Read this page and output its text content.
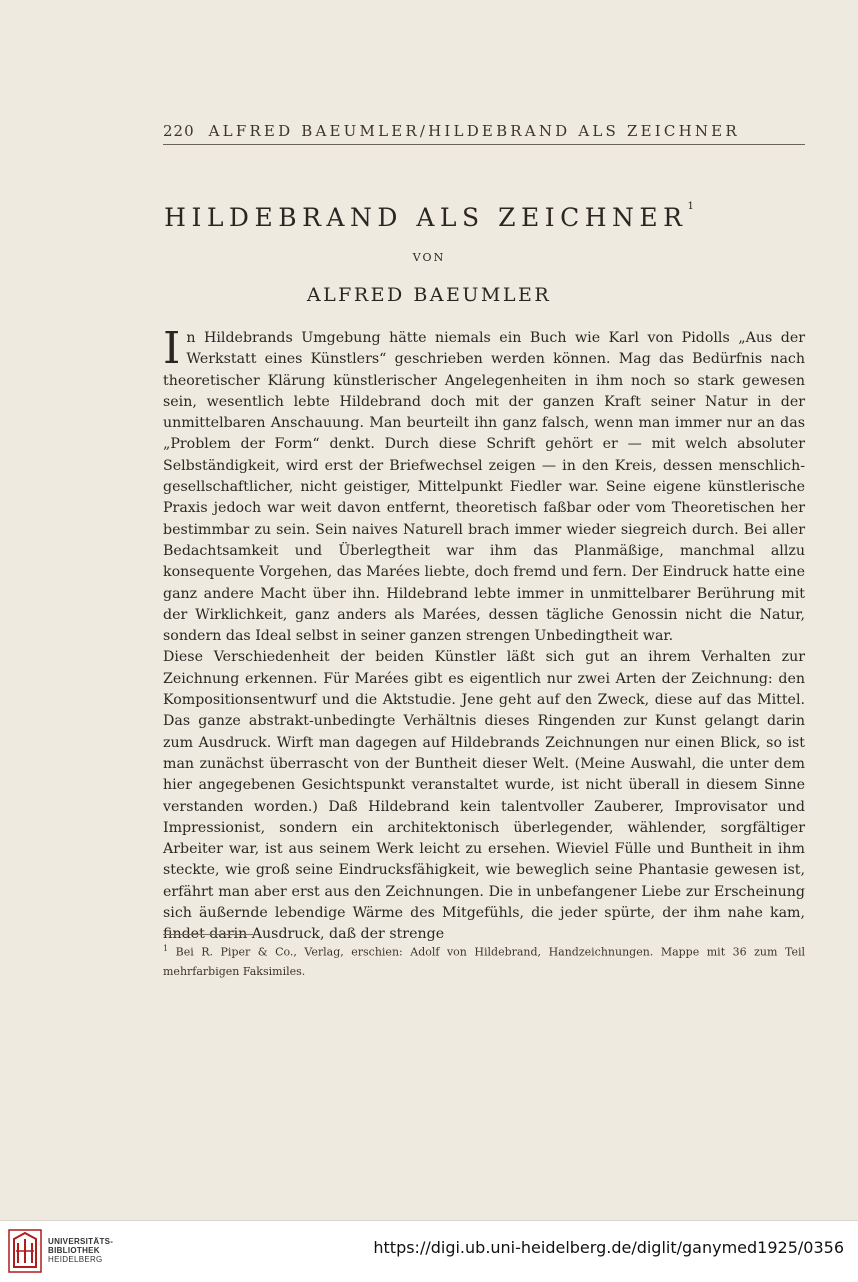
220 ALFRED BAEUMLER/HILDEBRAND ALS ZEICHNER
HILDEBRAND ALS ZEICHNER$^1$
VON
ALFRED BAEUMLER

In Hildebrands Umgebung hätte niemals ein Buch wie Karl von Pidolls „Aus der Werkstatt eines Künstlers“ geschrieben werden können. Mag das Bedürfnis nach theoretischer Klärung künstlerischer Angelegenheiten in ihm noch so stark gewesen sein, wesentlich lebte Hildebrand doch mit der ganzen Kraft seiner Natur in der unmittelbaren Anschauung. Man beurteilt ihn ganz falsch, wenn man immer nur an das „Problem der Form“ denkt. Durch diese Schrift gehört er — mit welch absoluter Selbständigkeit, wird erst der Briefwechsel zeigen — in den Kreis, dessen menschlich-gesellschaftlicher, nicht geistiger, Mittelpunkt Fiedler war. Seine eigene künstlerische Praxis jedoch war weit davon entfernt, theoretisch faßbar oder vom Theoretischen her bestimmbar zu sein. Sein naives Naturell brach immer wieder siegreich durch. Bei aller Bedachtsamkeit und Überlegtheit war ihm das Planmäßige, manchmal allzu konsequente Vorgehen, das Marées liebte, doch fremd und fern. Der Eindruck hatte eine ganz andere Macht über ihn. Hildebrand lebte immer in unmittelbarer Berührung mit der Wirklichkeit, ganz anders als Marées, dessen tägliche Genossin nicht die Natur, sondern das Ideal selbst in seiner ganzen strengen Unbedingtheit war.

Diese Verschiedenheit der beiden Künstler läßt sich gut an ihrem Verhalten zur Zeichnung erkennen. Für Marées gibt es eigentlich nur zwei Arten der Zeichnung: den Kompositionsentwurf und die Aktstudie. Jene geht auf den Zweck, diese auf das Mittel. Das ganze abstrakt-unbedingte Verhältnis dieses Ringenden zur Kunst gelangt darin zum Ausdruck. Wirft man dagegen auf Hildebrands Zeichnungen nur einen Blick, so ist man zunächst überrascht von der Buntheit dieser Welt. (Meine Auswahl, die unter dem hier angegebenen Gesichtspunkt veranstaltet wurde, ist nicht überall in diesem Sinne verstanden worden.) Daß Hildebrand kein talentvoller Zauberer, Improvisator und Impressionist, sondern ein architektonisch überlegender, wählender, sorgfältiger Arbeiter war, ist aus seinem Werk leicht zu ersehen. Wieviel Fülle und Buntheit in ihm steckte, wie groß seine Eindrucksfähigkeit, wie beweglich seine Phantasie gewesen ist, erfährt man aber erst aus den Zeichnungen. Die in unbefangener Liebe zur Erscheinung sich äußernde lebendige Wärme des Mitgefühls, die jeder spürte, der ihm nahe kam, findet darin Ausdruck, daß der strenge

$^1$ Bei R. Piper & Co., Verlag, erschien: Adolf von Hildebrand, Handzeichnungen. Mappe mit 36 zum Teil mehrfarbigen Faksimiles.
UNIVERSITÄTS-
BIBLIOTHEK
HEIDELBERG
https://digi.ub.uni-heidelberg.de/diglit/ganymed1925/0356
